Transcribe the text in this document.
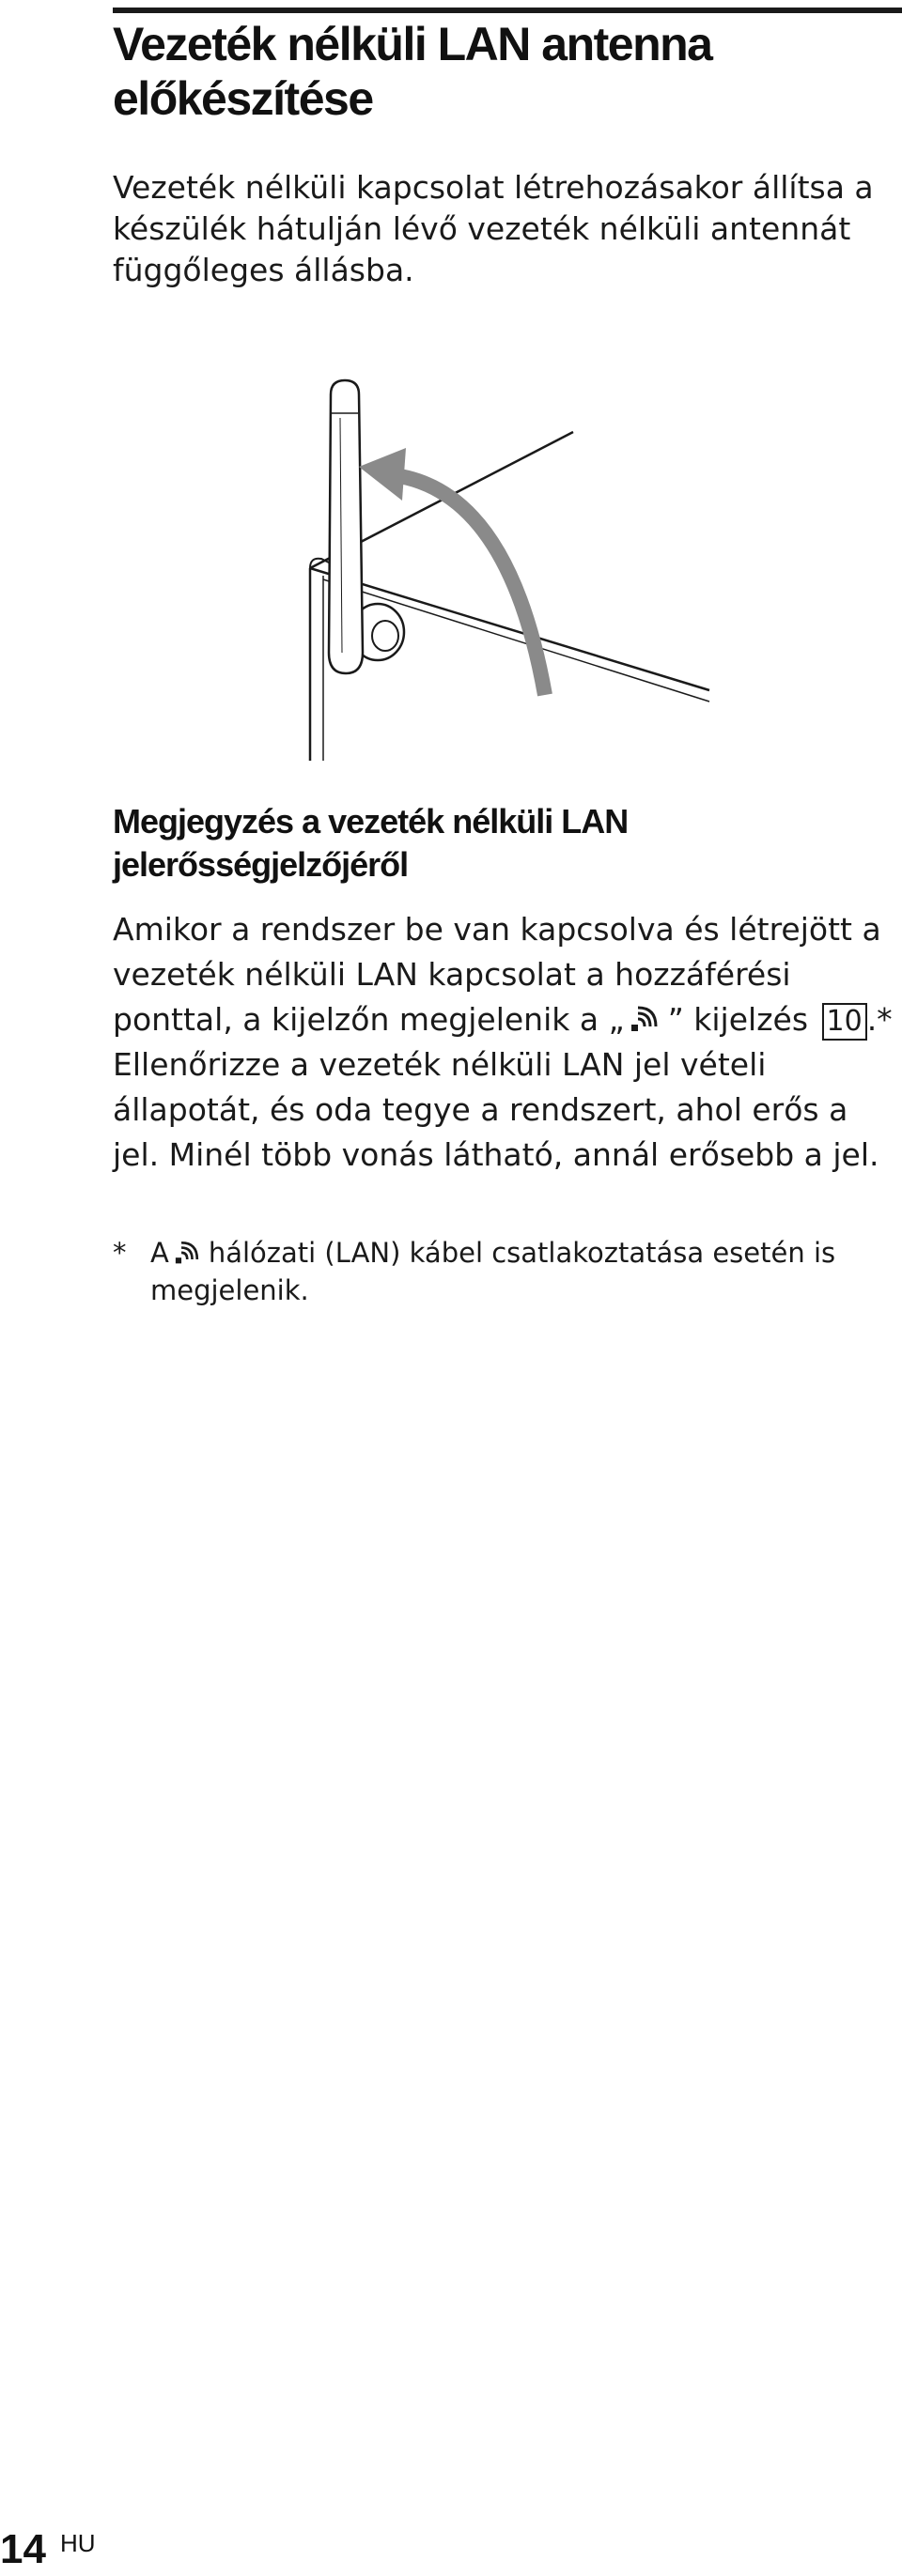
Vezeték nélküli LAN antenna előkészítése

Vezeték nélküli kapcsolat létrehozásakor állítsa a készülék hátulján lévő vezeték nélküli antennát függőleges állásba.

Megjegyzés a vezeték nélküli LAN jelerősségjelzőjéről

Amikor a rendszer be van kapcsolva és létrejött a vezeték nélküli LAN kapcsolat a hozzáférési ponttal, a kijelzőn megjelenik a „ ” kijelzés 10 .* Ellenőrizze a vezeték nélküli LAN jel vételi állapotát, és oda tegye a rendszert, ahol erős a jel. Minél több vonás látható, annál erősebb a jel.

* A hálózati (LAN) kábel csatlakoztatása esetén is megjelenik.
14 HU
